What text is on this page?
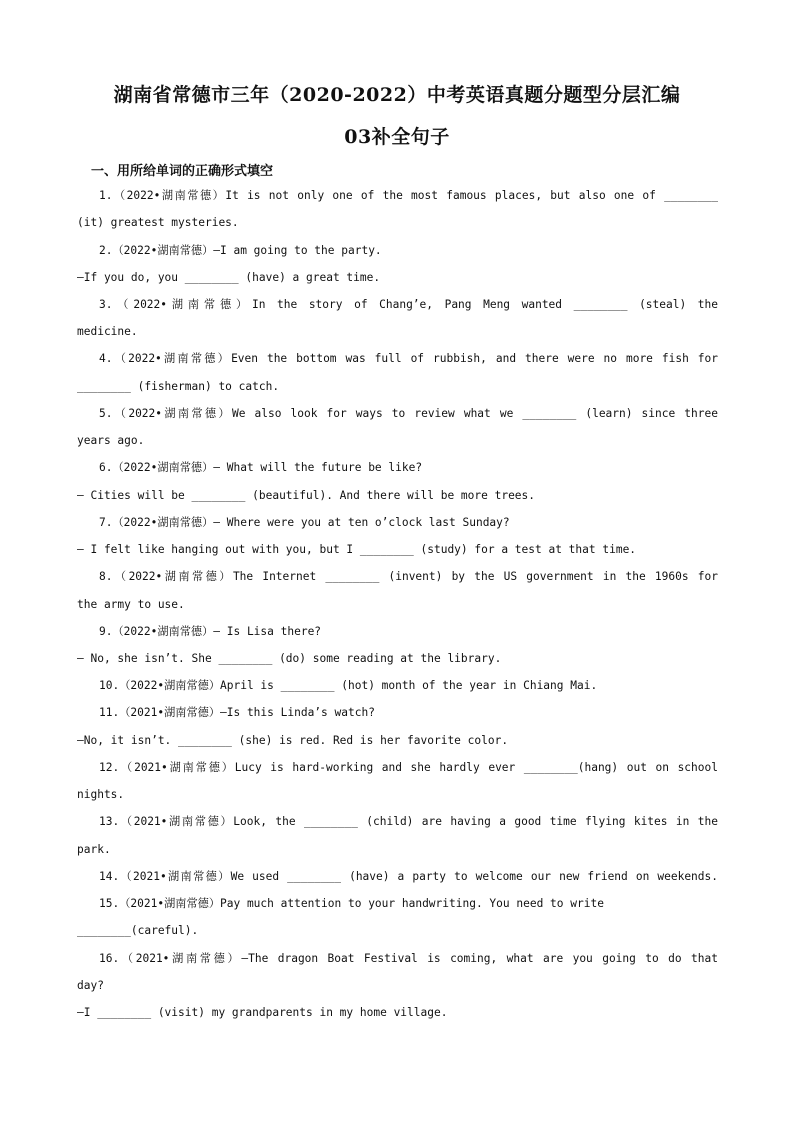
湖南省常德市三年（2020-2022）中考英语真题分题型分层汇编
03补全句子
一、用所给单词的正确形式填空
1.（2022•湖南常德）It is not only one of the most famous places, but also one of ________
(it) greatest mysteries.
2.（2022•湖南常德）—I am going to the party.
—If you do, you ________ (have) a great time.
3.（2022•湖南常德）In the story of Chang’e, Pang Meng wanted ________ (steal) the
medicine.
4.（2022•湖南常德）Even the bottom was full of rubbish, and there were no more fish for
________ (fisherman) to catch.
5.（2022•湖南常德）We also look for ways to review what we ________ (learn) since three
years ago.
6.（2022•湖南常德）— What will the future be like?
— Cities will be ________ (beautiful). And there will be more trees.
7.（2022•湖南常德）— Where were you at ten o’clock last Sunday?
— I felt like hanging out with you, but I ________ (study) for a test at that time.
8.（2022•湖南常德）The Internet ________ (invent) by the US government in the 1960s for
the army to use.
9.（2022•湖南常德）— Is Lisa there?
— No, she isn’t. She ________ (do) some reading at the library.
10.（2022•湖南常德）April is ________ (hot) month of the year in Chiang Mai.
11.（2021•湖南常德）—Is this Linda’s watch?
—No, it isn’t. ________ (she) is red. Red is her favorite color.
12.（2021•湖南常德）Lucy is hard-working and she hardly ever ________(hang) out on school
nights.
13.（2021•湖南常德）Look, the ________ (child) are having a good time flying kites in the
park.
14.（2021•湖南常德）We used ________ (have) a party to welcome our new friend on weekends.
15.（2021•湖南常德）Pay much attention to your handwriting. You need to write
________(careful).
16.（2021•湖南常德）—The dragon Boat Festival is coming, what are you going to do that
day?
—I ________ (visit) my grandparents in my home village.
